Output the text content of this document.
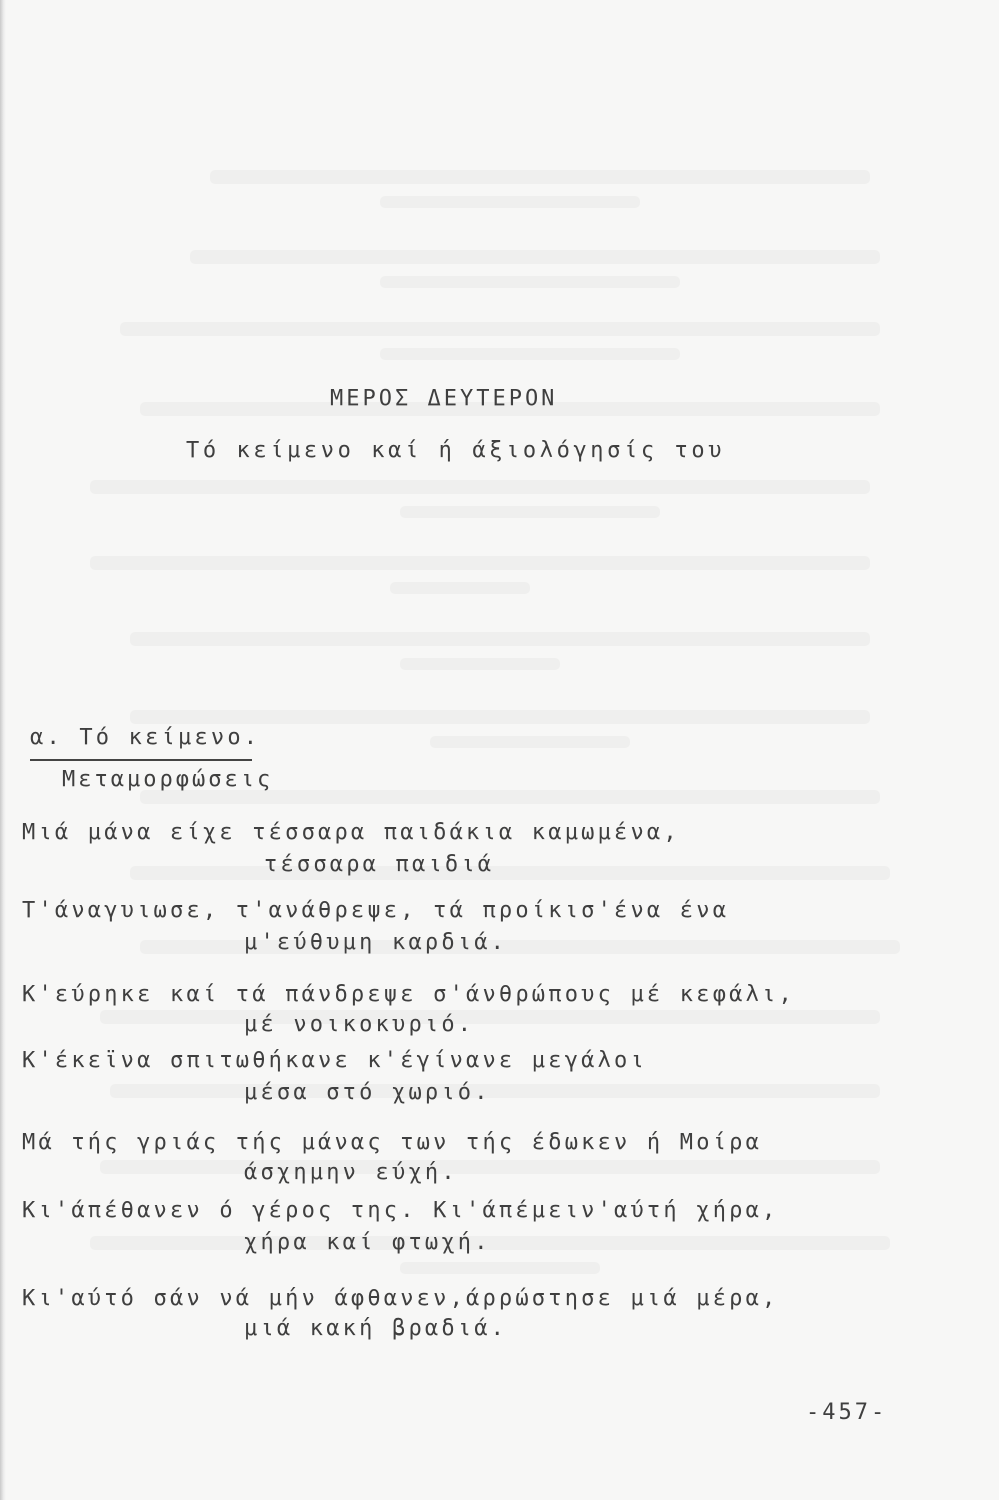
ΜΕΡΟΣ ΔΕΥΤΕΡΟΝ
Τό κείμενο καί ή άξιολόγησίς του
α. Τό κείμενο.
Μεταμορφώσεις
Μιά μάνα είχε τέσσαρα παιδάκια καμωμένα,
τέσσαρα παιδιά
Τ'άναγυιωσε, τ'ανάθρεψε, τά προίκισ'ένα ένα
μ'εύθυμη καρδιά.
Κ'εύρηκε καί τά πάνδρεψε σ'άνθρώπους μέ κεφάλι,
μέ νοικοκυριό.
Κ'έκεϊνα σπιτωθήκανε κ'έγίνανε μεγάλοι
μέσα στό χωριό.
Μά τής γριάς τής μάνας των τής έδωκεν ή Μοίρα
άσχημην εύχή.
Κι'άπέθανεν ό γέρος της. Κι'άπέμειν'αύτή χήρα,
χήρα καί φτωχή.
Κι'αύτό σάν νά μήν άφθανεν,άρρώστησε μιά μέρα,
μιά κακή βραδιά.
-457-
